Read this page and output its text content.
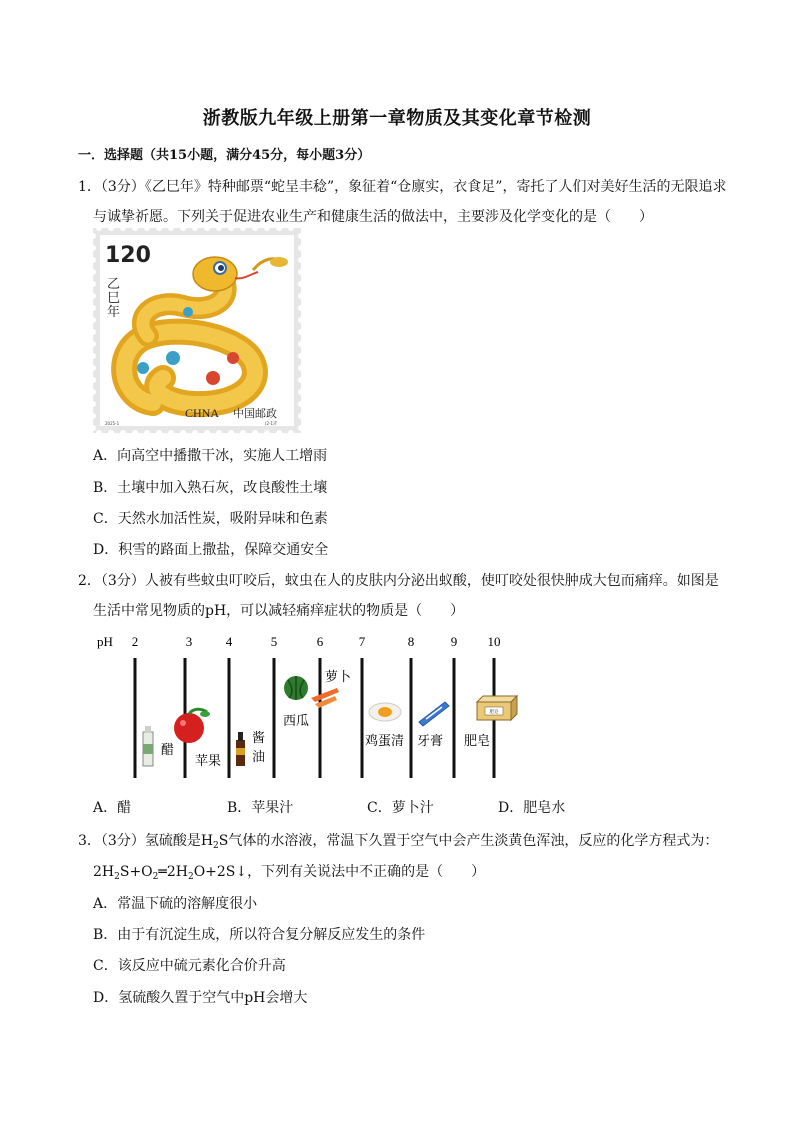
浙教版九年级上册第一章物质及其变化章节检测
一．选择题（共15小题，满分45分，每小题3分）
1．（3分）《乙巳年》特种邮票“蛇呈丰稔”，象征着“仓廪实，衣食足”，寄托了人们对美好生活的无限追求
与诚挚祈愿。下列关于促进农业生产和健康生活的做法中，主要涉及化学变化的是（　　）
120
乙
巳
年
CHNA 中国邮政
2025-1	(2-1)T
A．向高空中播撒干冰，实施人工增雨
B．土壤中加入熟石灰，改良酸性土壤
C．天然水加活性炭，吸附异味和色素
D．积雪的路面上撒盐，保障交通安全
2．（3分）人被有些蚊虫叮咬后，蚊虫在人的皮肤内分泌出蚁酸，使叮咬处很快肿成大包而痛痒。如图是
生活中常见物质的pH，可以减轻痛痒症状的物质是（　　）
pH 2	3	4	5	6	7	8	9 10
醋
苹果
酱
油
西瓜
萝卜
鸡蛋清 牙膏
肥皂
肥皂
A．醋	B．苹果汁	C．萝卜汁	D．肥皂水
3．（3分）氢硫酸是$H_2S$气体的水溶液，常温下久置于空气中会产生淡黄色浑浊，反应的化学方程式为：
$2H_2S+O_2═2H_2O+2S↓$，下列有关说法中不正确的是（　　）
A．常温下硫的溶解度很小
B．由于有沉淀生成，所以符合复分解反应发生的条件
C．该反应中硫元素化合价升高
D．氢硫酸久置于空气中pH会增大
